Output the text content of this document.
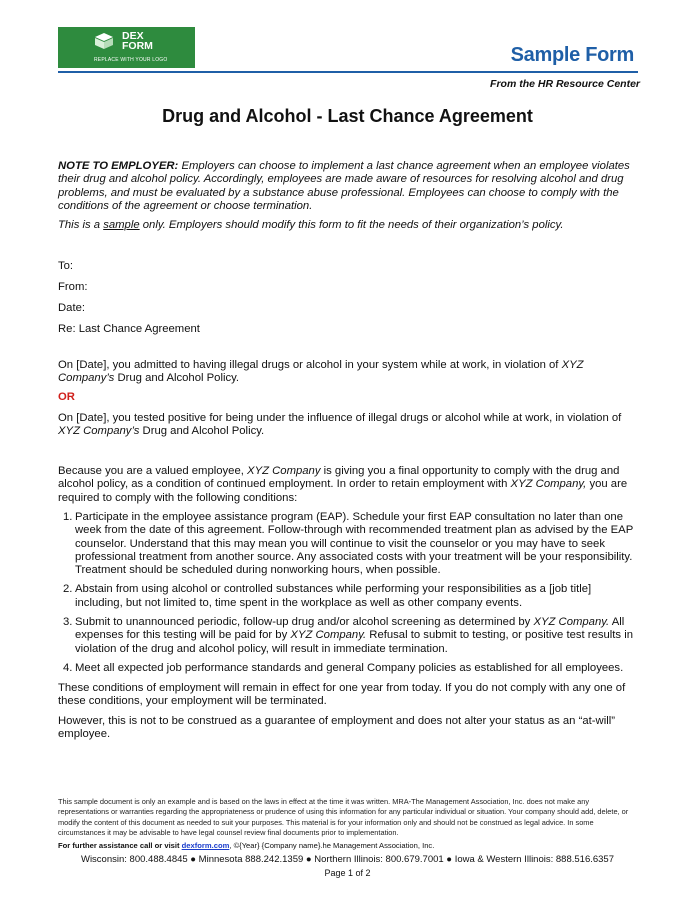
DEX
FORM
REPLACE WITH YOUR LOGO	Sample Form
From the HR Resource Center
Drug and Alcohol - Last Chance Agreement

NOTE TO EMPLOYER: Employers can choose to implement a last chance agreement when an employee violates their drug and alcohol policy. Accordingly, employees are made aware of resources for resolving alcohol and drug problems, and must be evaluated by a substance abuse professional. Employees can choose to comply with the conditions of the agreement or choose termination.

This is a sample only. Employers should modify this form to fit the needs of their organization’s policy.

To:
From:
Date:
Re: Last Chance Agreement

On [Date], you admitted to having illegal drugs or alcohol in your system while at work, in violation of XYZ Company’s Drug and Alcohol Policy.

OR

On [Date], you tested positive for being under the influence of illegal drugs or alcohol while at work, in violation of XYZ Company’s Drug and Alcohol Policy.

Because you are a valued employee, XYZ Company is giving you a final opportunity to comply with the drug and alcohol policy, as a condition of continued employment. In order to retain employment with XYZ Company, you are required to comply with the following conditions:

1. Participate in the employee assistance program (EAP). Schedule your first EAP consultation no later than one week from the date of this agreement. Follow-through with recommended treatment plan as advised by the EAP counselor. Understand that this may mean you will continue to visit the counselor or you may have to seek professional treatment from another source. Any associated costs with your treatment will be your responsibility. Treatment should be scheduled during nonworking hours, when possible.
2. Abstain from using alcohol or controlled substances while performing your responsibilities as a [job title] including, but not limited to, time spent in the workplace as well as other company events.
3. Submit to unannounced periodic, follow-up drug and/or alcohol screening as determined by XYZ Company. All expenses for this testing will be paid for by XYZ Company. Refusal to submit to testing, or positive test results in violation of the drug and alcohol policy, will result in immediate termination.
4. Meet all expected job performance standards and general Company policies as established for all employees.
These conditions of employment will remain in effect for one year from today. If you do not comply with any one of these conditions, your employment will be terminated.
However, this is not to be construed as a guarantee of employment and does not alter your status as an “at-will” employee.
This sample document is only an example and is based on the laws in effect at the time it was written. MRA-The Management Association, Inc. does not make any representations or warranties regarding the appropriateness or prudence of using this information for any particular individual or situation. Your company should add, delete, or modify the content of this document as needed to suit your purposes. This material is for your information only and should not be construed as legal advice. In some circumstances it may be advisable to have legal counsel review final documents prior to implementation.
For further assistance call or visit dexform.com, ©{Year} {Company name}.he Management Association, Inc.
Wisconsin: 800.488.4845 ● Minnesota 888.242.1359 ● Northern Illinois: 800.679.7001 ● Iowa & Western Illinois: 888.516.6357
Page 1 of 2
